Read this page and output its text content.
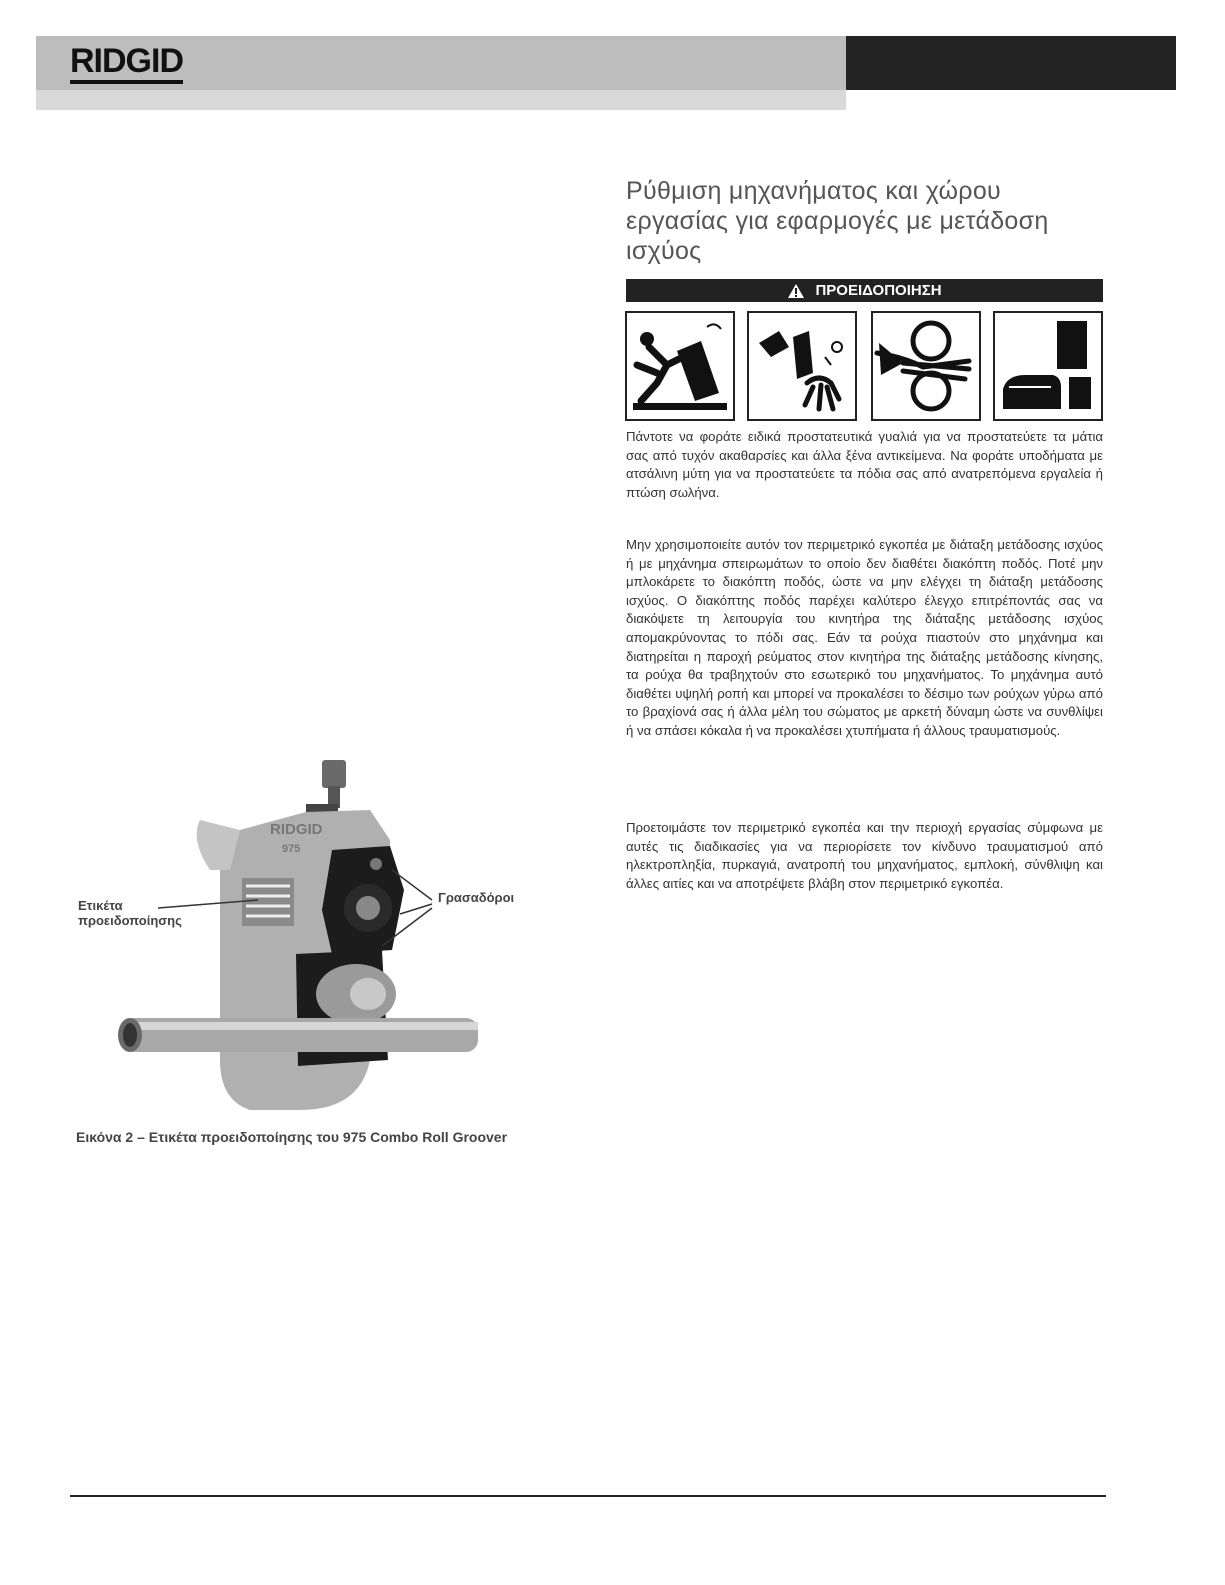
RIDGID
Ρύθμιση μηχανήματος και χώρου εργασίας για εφαρμογές με μετάδοση ισχύος
ΠΡΟΕΙΔΟΠΟΙΗΣΗ

Πάντοτε να φοράτε ειδικά προστατευτικά γυαλιά για να προστατεύετε τα μάτια σας από τυχόν ακαθαρσίες και άλλα ξένα αντικείμενα. Να φοράτε υποδήματα με ατσάλινη μύτη για να προστατεύετε τα πόδια σας από ανατρεπόμενα εργαλεία ή πτώση σωλήνα.

Μην χρησιμοποιείτε αυτόν τον περιμετρικό εγκοπέα με διάταξη μετάδοσης ισχύος ή με μηχάνημα σπειρωμάτων το οποίο δεν διαθέτει διακόπτη ποδός. Ποτέ μην μπλοκάρετε το διακόπτη ποδός, ώστε να μην ελέγχει τη διάταξη μετάδοσης ισχύος. Ο διακόπτης ποδός παρέχει καλύτερο έλεγχο επιτρέποντάς σας να διακόψετε τη λειτουργία του κινητήρα της διάταξης μετάδοσης ισχύος απομακρύνοντας το πόδι σας. Εάν τα ρούχα πιαστούν στο μηχάνημα και διατηρείται η παροχή ρεύματος στον κινητήρα της διάταξης μετάδοσης κίνησης, τα ρούχα θα τραβηχτούν στο εσωτερικό του μηχανήματος. Το μηχάνημα αυτό διαθέτει υψηλή ροπή και μπορεί να προκαλέσει το δέσιμο των ρούχων γύρω από το βραχίονά σας ή άλλα μέλη του σώματος με αρκετή δύναμη ώστε να συνθλίψει ή να σπάσει κόκαλα ή να προκαλέσει χτυπήματα ή άλλους τραυματισμούς.

Προετοιμάστε τον περιμετρικό εγκοπέα και την περιοχή εργασίας σύμφωνα με αυτές τις διαδικασίες για να περιορίσετε τον κίνδυνο τραυματισμού από ηλεκτροπληξία, πυρκαγιά, ανατροπή του μηχανήματος, εμπλοκή, σύνθλιψη και άλλες αιτίες και να αποτρέψετε βλάβη στον περιμετρικό εγκοπέα.

Ετικέτα προειδοποίησης
Γρασαδόροι
RIDGID
975

Εικόνα 2 – Ετικέτα προειδοποίησης του 975 Combo Roll Groover
